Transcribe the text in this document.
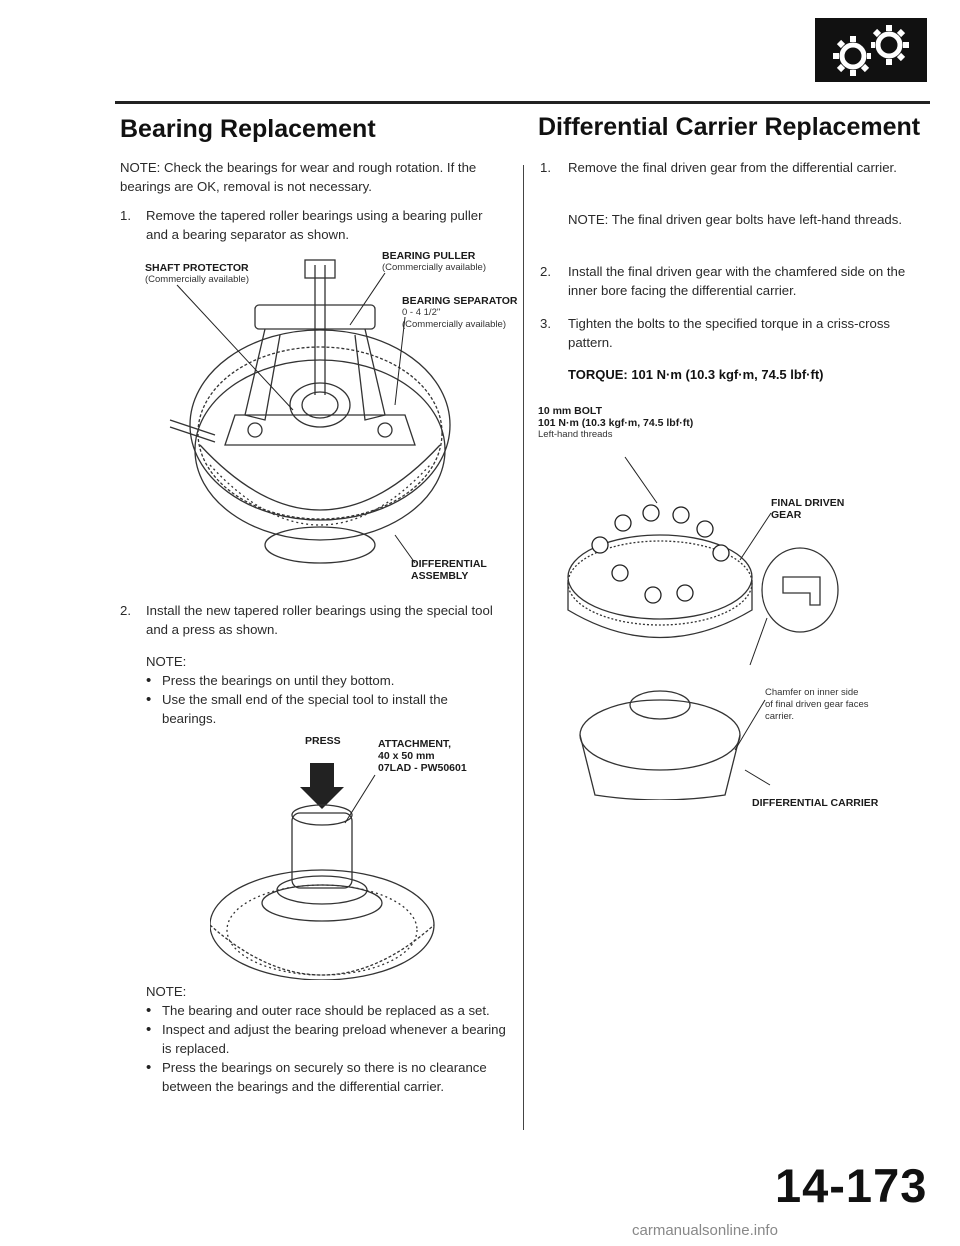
Bearing Replacement
NOTE: Check the bearings for wear and rough rotation. If the bearings are OK, removal is not necessary.
1. Remove the tapered roller bearings using a bearing puller and a bearing separator as shown.
SHAFT PROTECTOR
(Commercially available)
BEARING PULLER
(Commercially available)
BEARING SEPARATOR
0 - 4 1/2"
(Commercially available)
DIFFERENTIAL
ASSEMBLY
2. Install the new tapered roller bearings using the special tool and a press as shown.
NOTE:
• Press the bearings on until they bottom.
• Use the small end of the special tool to install the bearings.
PRESS	ATTACHMENT,
40 x 50 mm
07LAD - PW50601
NOTE:
• The bearing and outer race should be replaced as a set.
• Inspect and adjust the bearing preload whenever a bearing is replaced.
• Press the bearings on securely so there is no clearance between the bearings and the differential carrier.
Differential Carrier Replacement
1. Remove the final driven gear from the differential carrier.
NOTE: The final driven gear bolts have left-hand threads.
2. Install the final driven gear with the chamfered side on the inner bore facing the differential carrier.
3. Tighten the bolts to the specified torque in a criss-cross pattern.
TORQUE: 101 N·m (10.3 kgf·m, 74.5 lbf·ft)
10 mm BOLT
101 N·m (10.3 kgf·m, 74.5 lbf·ft)
Left-hand threads
FINAL DRIVEN
GEAR
Chamfer on inner side
of final driven gear faces
carrier.
DIFFERENTIAL CARRIER
14-173
carmanualsonline.info
